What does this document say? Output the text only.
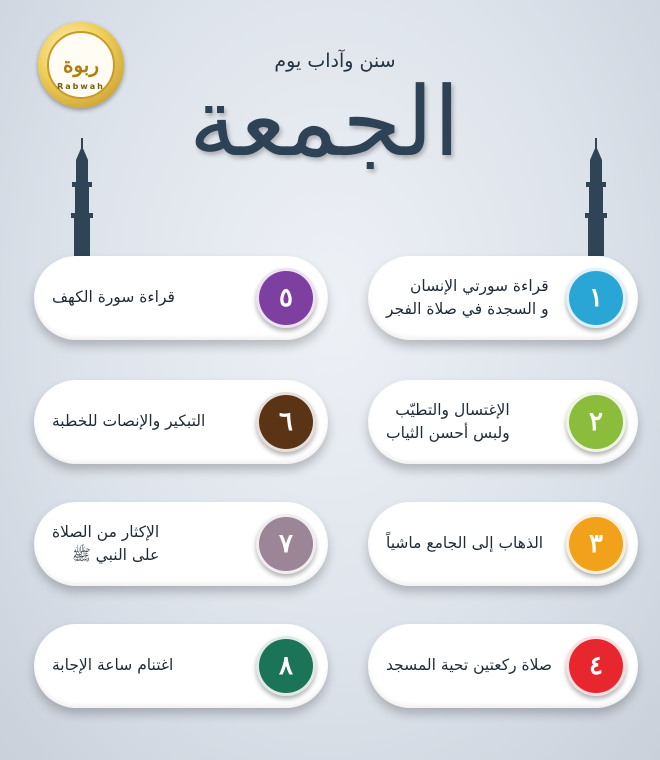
ربوة
Rabwah
سنن وآداب يوم
الجمعة
قراءة سورتي الإنسان
و السجدة في صلاة الفجر	١
الإغتسال والتطيّب
ولبس أحسن الثياب	٢
الذهاب إلى الجامع ماشياً	٣
صلاة ركعتين تحية المسجد	٤
قراءة سورة الكهف	٥
التبكير والإنصات للخطبة	٦
الإكثار من الصلاة
على النبي ﷺ	٧
اغتنام ساعة الإجابة	٨
